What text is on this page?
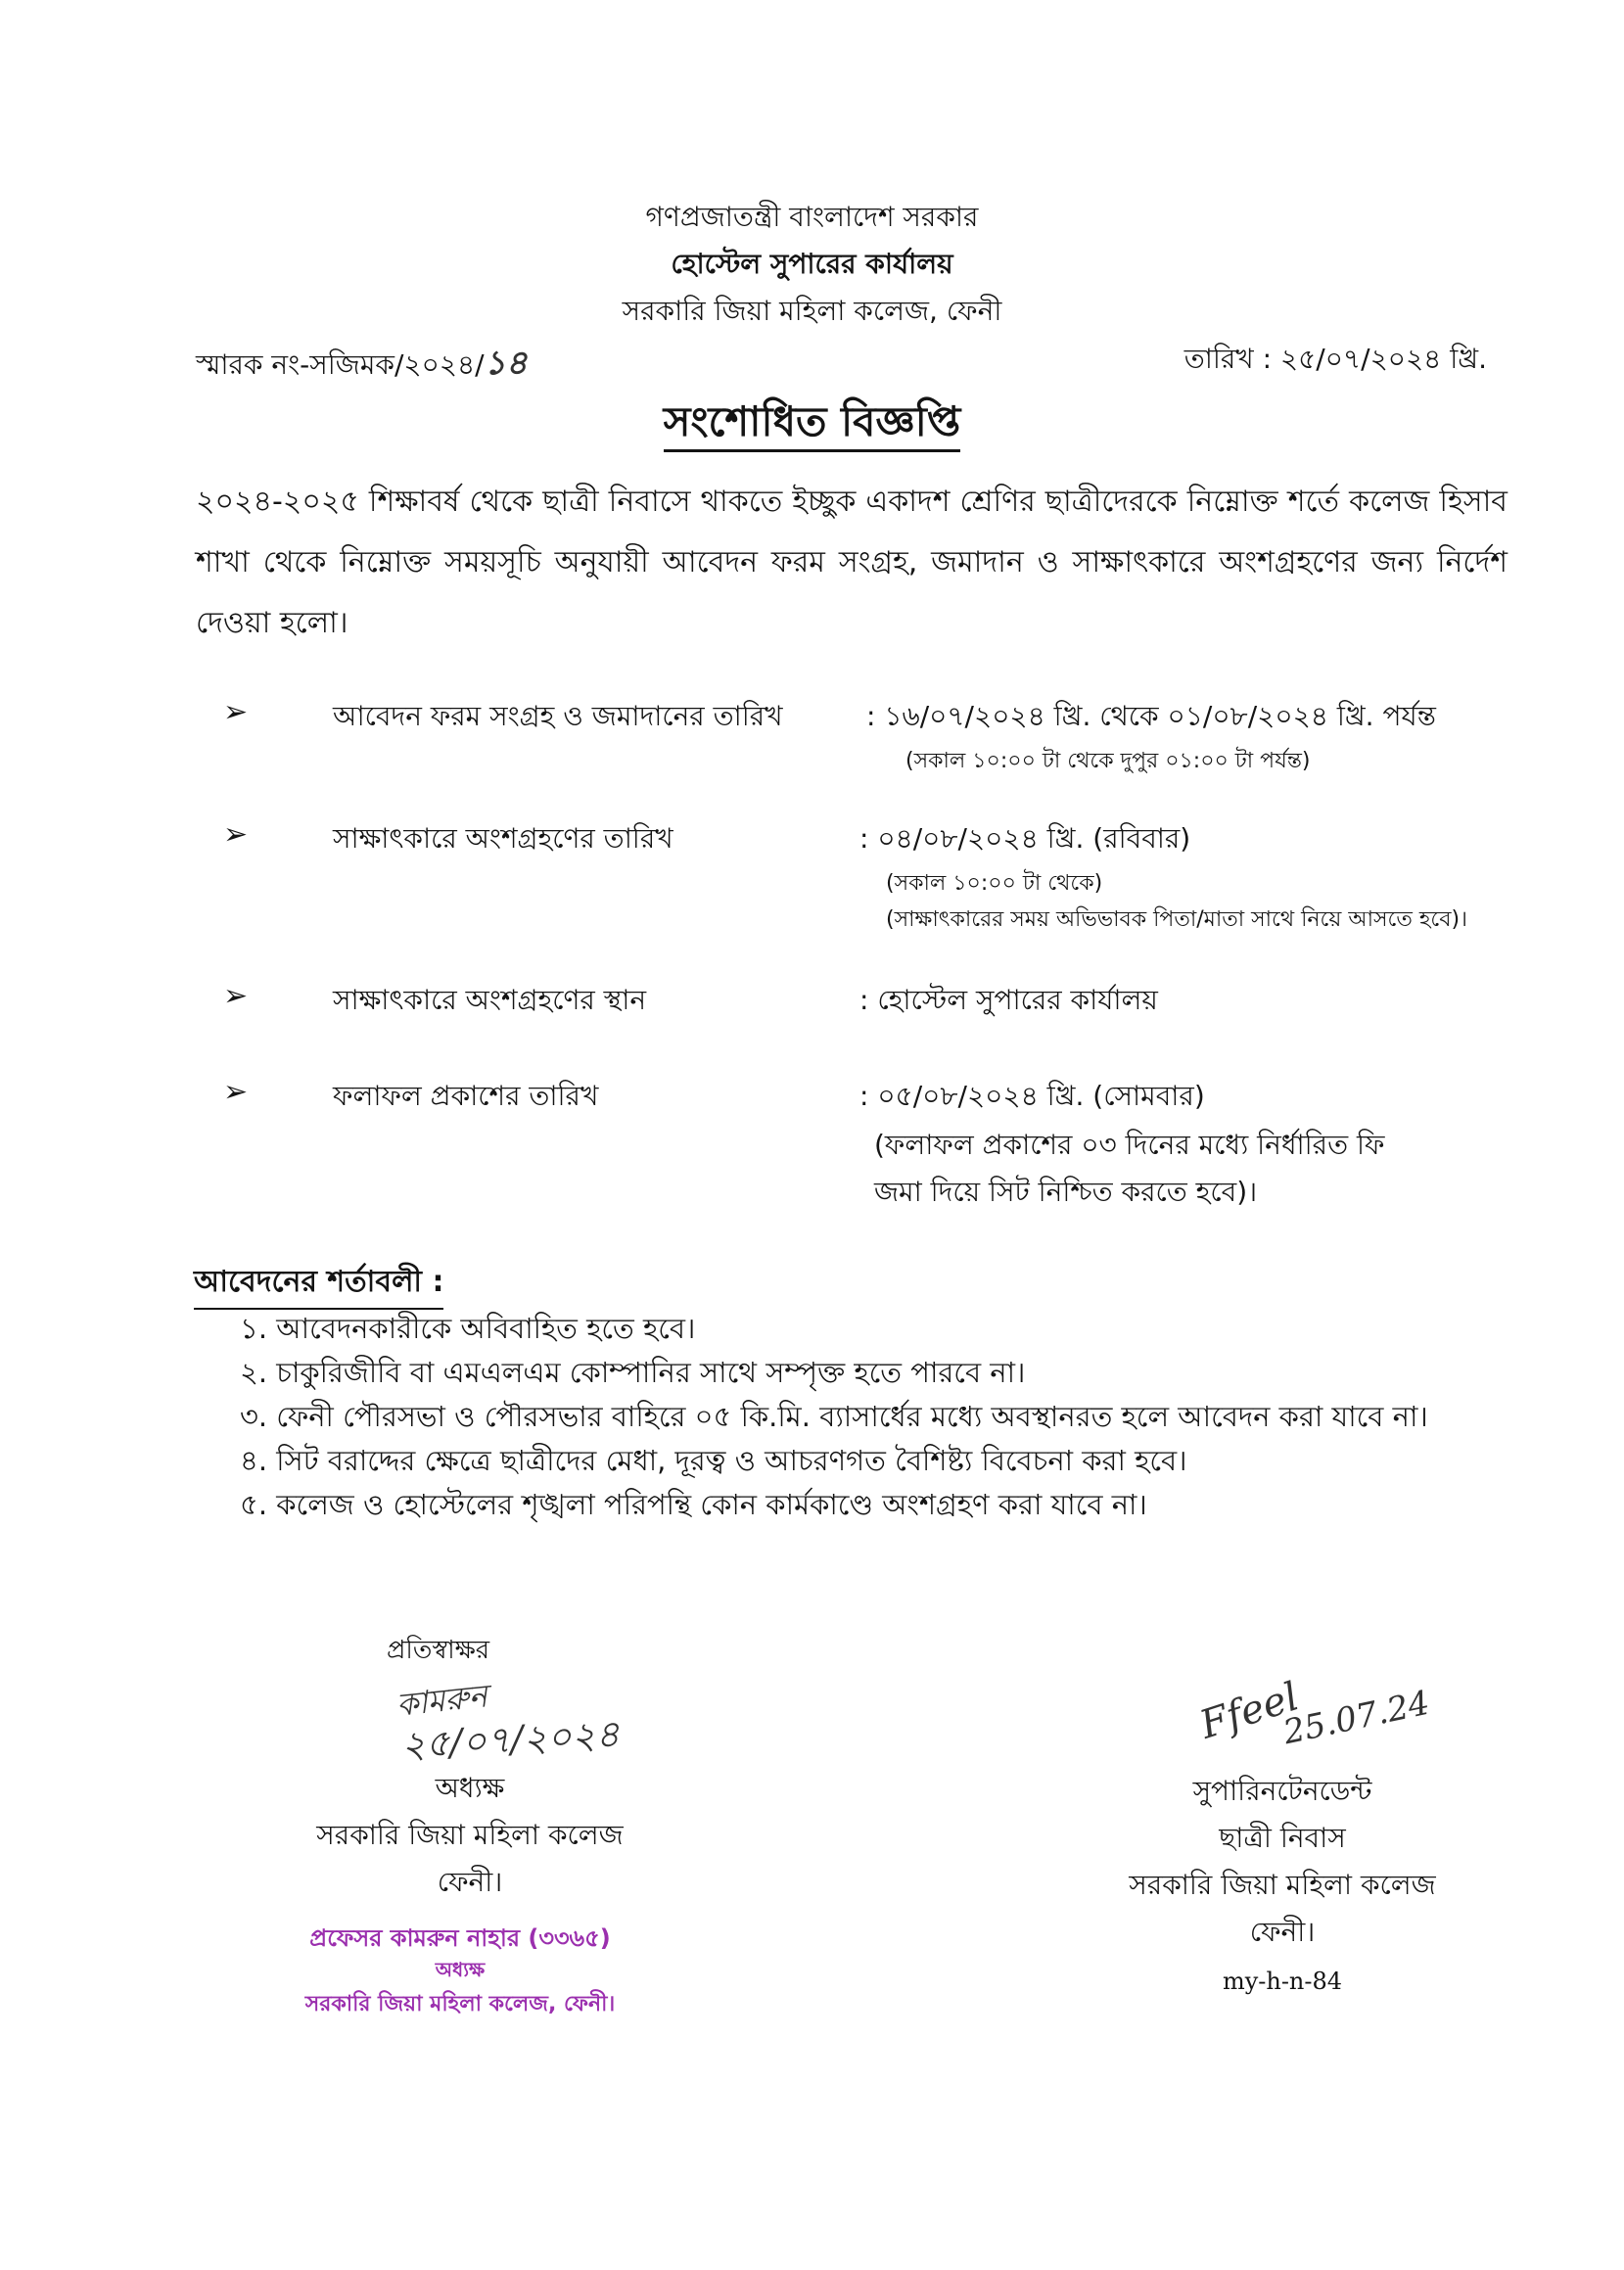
গণপ্রজাতন্ত্রী বাংলাদেশ সরকার
হোস্টেল সুপারের কার্যালয়
সরকারি জিয়া মহিলা কলেজ, ফেনী
স্মারক নং-সজিমক/২০২৪/১৪	তারিখ : ২৫/০৭/২০২৪ খ্রি.
সংশোধিত বিজ্ঞপ্তি
২০২৪-২০২৫ শিক্ষাবর্ষ থেকে ছাত্রী নিবাসে থাকতে ইচ্ছুক একাদশ শ্রেণির ছাত্রীদেরকে নিম্নোক্ত শর্তে কলেজ হিসাব শাখা থেকে নিম্নোক্ত সময়সূচি অনুযায়ী আবেদন ফরম সংগ্রহ, জমাদান ও সাক্ষাৎকারে অংশগ্রহণের জন্য নির্দেশ দেওয়া হলো।
➢	আবেদন ফরম সংগ্রহ ও জমাদানের তারিখ	: ১৬/০৭/২০২৪ খ্রি. থেকে ০১/০৮/২০২৪ খ্রি. পর্যন্ত
(সকাল ১০:০০ টা থেকে দুপুর ০১:০০ টা পর্যন্ত)
➢	সাক্ষাৎকারে অংশগ্রহণের তারিখ	: ০৪/০৮/২০২৪ খ্রি. (রবিবার)
(সকাল ১০:০০ টা থেকে)
(সাক্ষাৎকারের সময় অভিভাবক পিতা/মাতা সাথে নিয়ে আসতে হবে)।
➢	সাক্ষাৎকারে অংশগ্রহণের স্থান	: হোস্টেল সুপারের কার্যালয়
➢	ফলাফল প্রকাশের তারিখ	: ০৫/০৮/২০২৪ খ্রি. (সোমবার)
(ফলাফল প্রকাশের ০৩ দিনের মধ্যে নির্ধারিত ফি
জমা দিয়ে সিট নিশ্চিত করতে হবে)।
আবেদনের শর্তাবলী :
১. আবেদনকারীকে অবিবাহিত হতে হবে।
২. চাকুরিজীবি বা এমএলএম কোম্পানির সাথে সম্পৃক্ত হতে পারবে না।
৩. ফেনী পৌরসভা ও পৌরসভার বাহিরে ০৫ কি.মি. ব্যাসার্ধের মধ্যে অবস্থানরত হলে আবেদন করা যাবে না।
৪. সিট বরাদ্দের ক্ষেত্রে ছাত্রীদের মেধা, দূরত্ব ও আচরণগত বৈশিষ্ট্য বিবেচনা করা হবে।
৫. কলেজ ও হোস্টেলের শৃঙ্খলা পরিপন্থি কোন কার্মকাণ্ডে অংশগ্রহণ করা যাবে না।
প্রতিস্বাক্ষর
কামরুন
২৫/০৭/২০২৪
অধ্যক্ষ
সরকারি জিয়া মহিলা কলেজ
ফেনী।
প্রফেসর কামরুন নাহার (৩৩৬৫)
অধ্যক্ষ
সরকারি জিয়া মহিলা কলেজ, ফেনী।
Ffeel
25.07.24
সুপারিনটেনডেন্ট
ছাত্রী নিবাস
সরকারি জিয়া মহিলা কলেজ
ফেনী।
my-h-n-84
